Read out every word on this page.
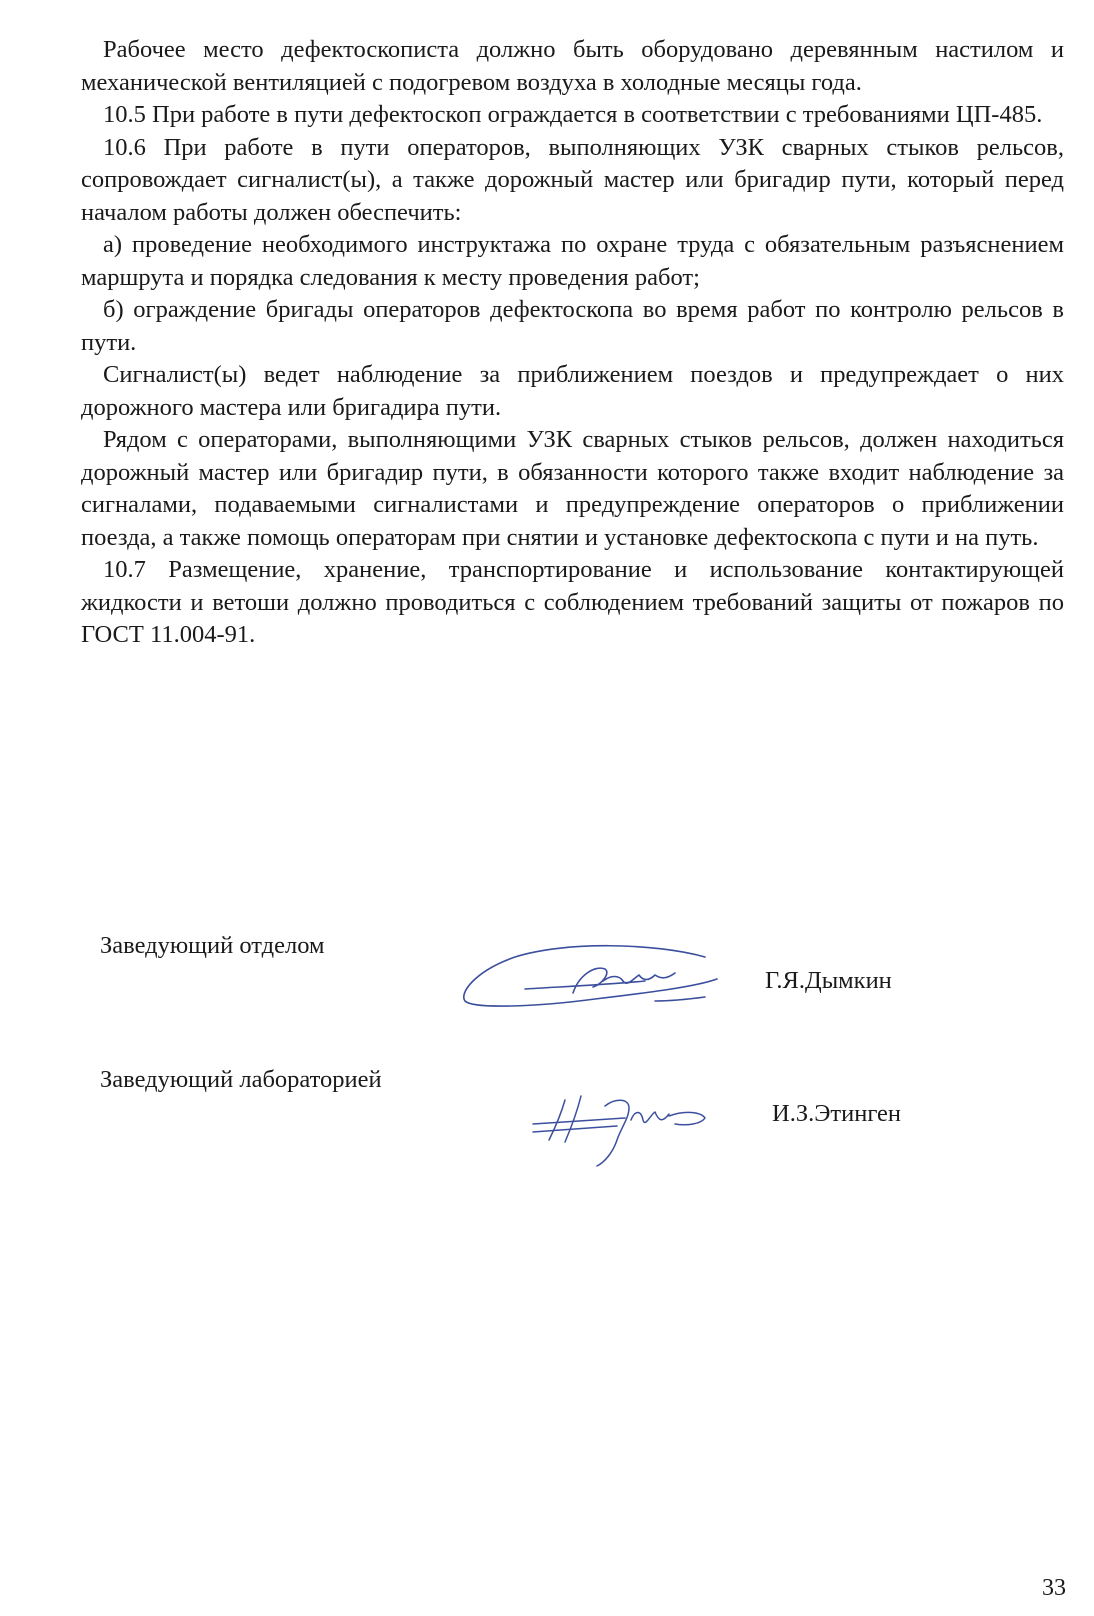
Рабочее место дефектоскописта должно быть оборудовано деревянным настилом и механической вентиляцией с подогревом воздуха в холодные месяцы года.

10.5 При работе в пути дефектоскоп ограждается в соответствии с требованиями ЦП-485.

10.6 При работе в пути операторов, выполняющих УЗК сварных стыков рельсов, сопровождает сигналист(ы), а также дорожный мастер или бригадир пути, который перед началом работы должен обеспечить:

а) проведение необходимого инструктажа по охране труда с обязательным разъяснением маршрута и порядка следования к месту проведения работ;

б) ограждение бригады операторов дефектоскопа во время работ по контролю рельсов в пути.

Сигналист(ы) ведет наблюдение за приближением поездов и предупреждает о них дорожного мастера или бригадира пути.

Рядом с операторами, выполняющими УЗК сварных стыков рельсов, должен находиться дорожный мастер или бригадир пути, в обязанности которого также входит наблюдение за сигналами, подаваемыми сигналистами и предупреждение операторов о приближении поезда, а также помощь операторам при снятии и установке дефектоскопа с пути и на путь.

10.7 Размещение, хранение, транспортирование и использование контактирующей жидкости и ветоши должно проводиться с соблюдением требований защиты от пожаров по ГОСТ 11.004-91.

Заведующий отделом
Г.Я.Дымкин
Заведующий лабораторией
И.З.Этинген
33
